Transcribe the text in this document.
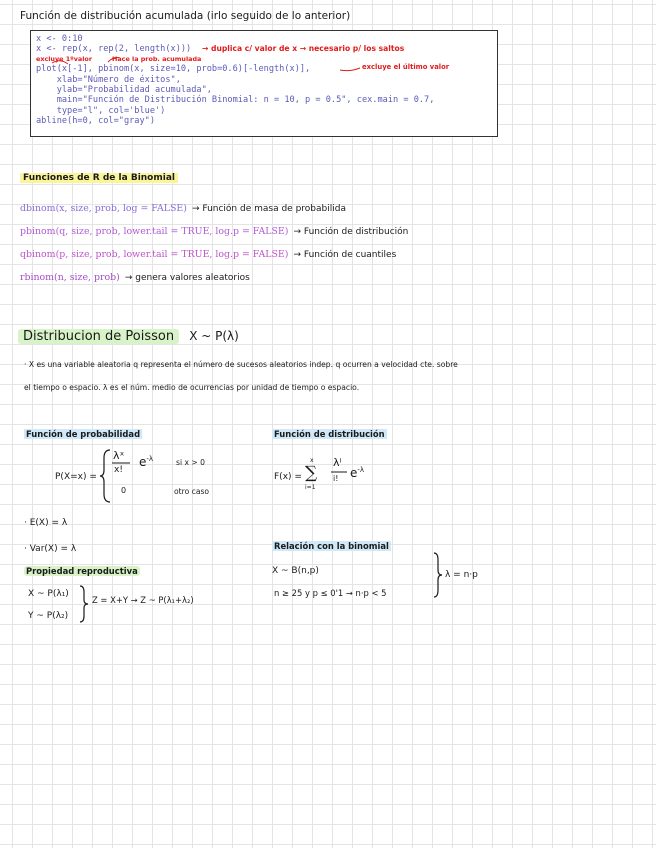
Función de distribución acumulada (irlo seguido de lo anterior)
x <- 0:10
x <- rep(x, rep(2, length(x))) → duplica c/ valor de x → necesario p/ los saltos
excluye 1ºvalor	Hace la prob. acumulada
plot(x[-1], pbinom(x, size=10, prob=0.6)[-length(x)],	excluye el último valor
xlab="Número de éxitos",
ylab="Probabilidad acumulada",
main="Función de Distribución Binomial: n = 10, p = 0.5", cex.main = 0.7,
type="l", col='blue')
abline(h=0, col="gray")
Funciones de R de la Binomial
dbinom(x, size, prob, log = FALSE) → Función de masa de probabilida
pbinom(q, size, prob, lower.tail = TRUE, log.p = FALSE) → Función de distribución
qbinom(p, size, prob, lower.tail = TRUE, log.p = FALSE) → Función de cuantiles
rbinom(n, size, prob) → genera valores aleatorios
Distribucion de Poisson X ~ P(λ)
· X es una variable aleatoria q representa el número de sucesos aleatorios indep. q ocurren a velocidad cte. sobre
el tiempo o espacio. λ es el núm. medio de ocurrencias por unidad de tiempo o espacio.
Función de probabilidad
P(X=x) =
λˣ
x!
$e^{-\lambda}$	si x > 0
0	otro caso
Función de distribución
F(x) =
x
∑
i=1
λⁱ
i! $e^{-\lambda}$
· E(X) = λ
· Var(X) = λ
Propiedad reproductiva
X ~ P(λ₁)
Y ~ P(λ₂)
Z = X+Y → Z ~ P(λ₁+λ₂)
Relación con la binomial
X ~ B(n,p)
n ≥ 25 y p ≤ 0'1 → n·p < 5
λ = n·p
